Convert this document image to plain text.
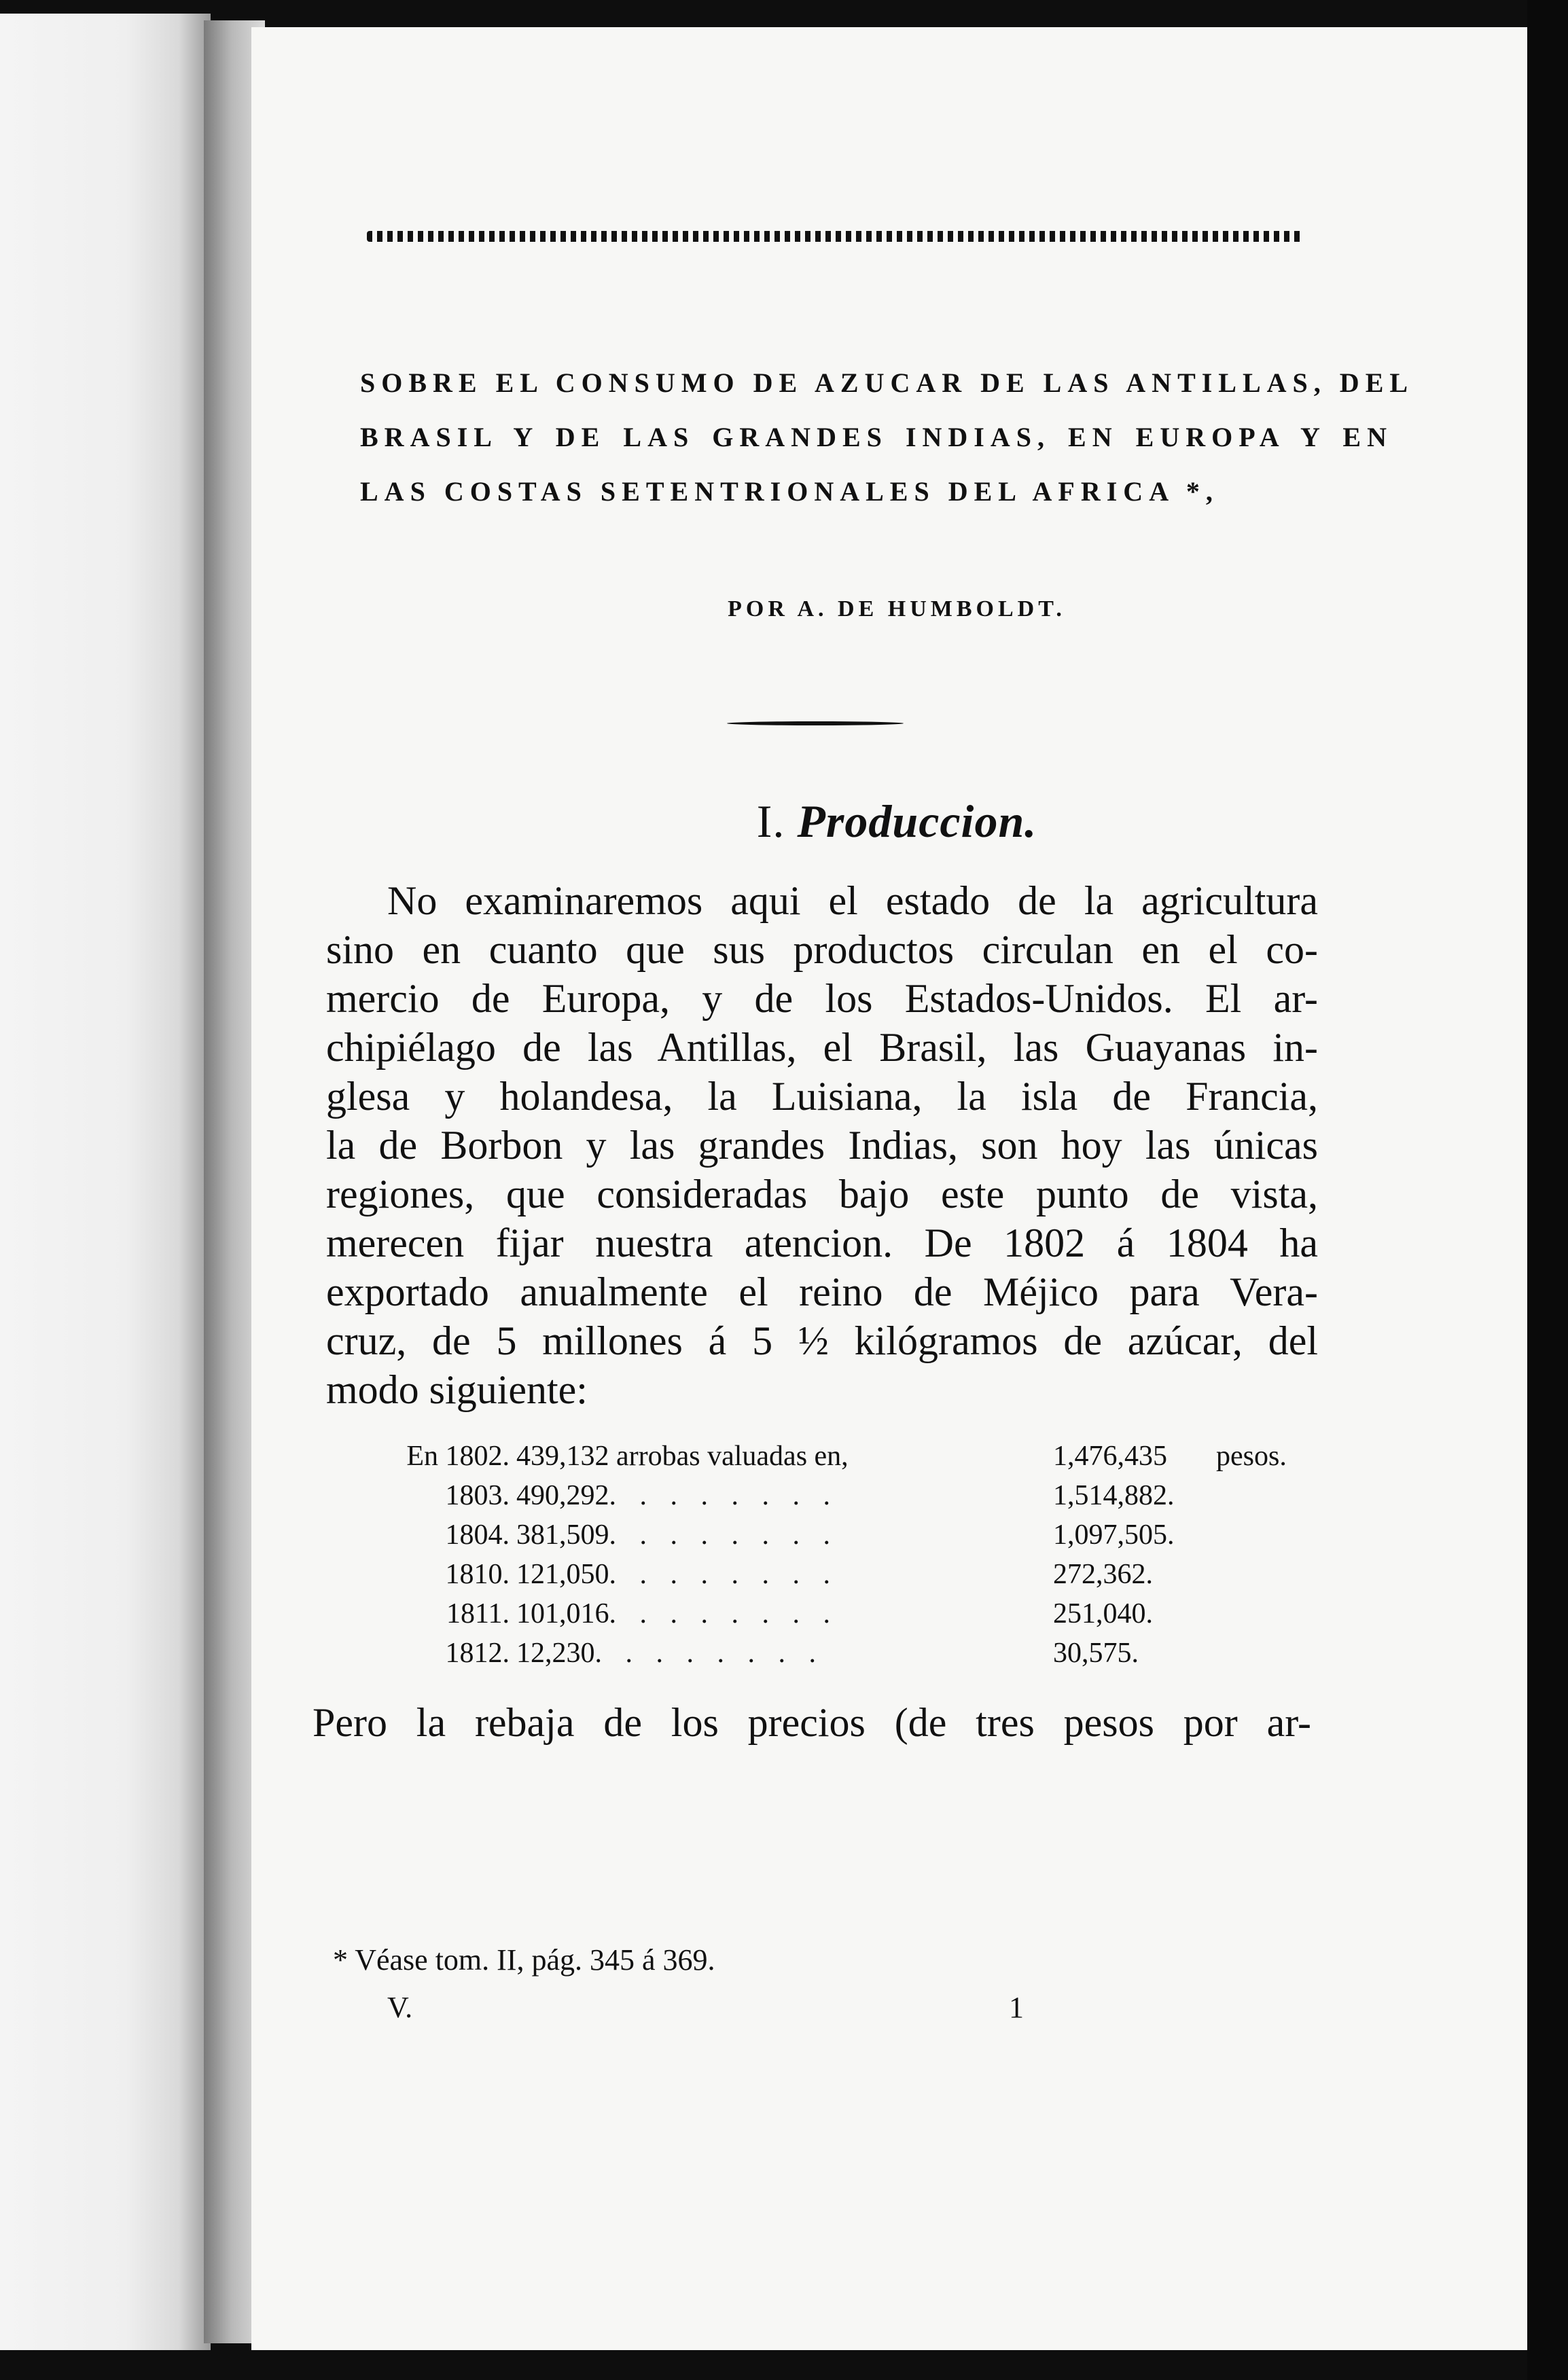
SOBRE EL CONSUMO DE AZUCAR DE LAS ANTILLAS, DEL
BRASIL Y DE LAS GRANDES INDIAS, EN EUROPA Y EN
LAS COSTAS SETENTRIONALES DEL AFRICA *,
POR A. DE HUMBOLDT.
I. Produccion.
No examinaremos aqui el estado de la agricultura
sino en cuanto que sus productos circulan en el co-
mercio de Europa, y de los Estados-Unidos. El ar-
chipiélago de las Antillas, el Brasil, las Guayanas in-
glesa y holandesa, la Luisiana, la isla de Francia,
la de Borbon y las grandes Indias, son hoy las únicas
regiones, que consideradas bajo este punto de vista,
merecen fijar nuestra atencion. De 1802 á 1804 ha
exportado anualmente el reino de Méjico para Vera-
cruz, de 5 millones á 5 ½ kilógramos de azúcar, del
modo siguiente:
En 1802. 439,132 arrobas valuadas en,	1,476,435 pesos.
1803. 490,292. . . . . . . .	1,514,882.
1804. 381,509. . . . . . . .	1,097,505.
1810. 121,050. . . . . . . .	272,362.
1811. 101,016. . . . . . . .	251,040.
1812. 12,230. . . . . . . .	30,575.
Pero la rebaja de los precios (de tres pesos por ar-
* Véase tom. II, pág. 345 á 369.
V.	1
